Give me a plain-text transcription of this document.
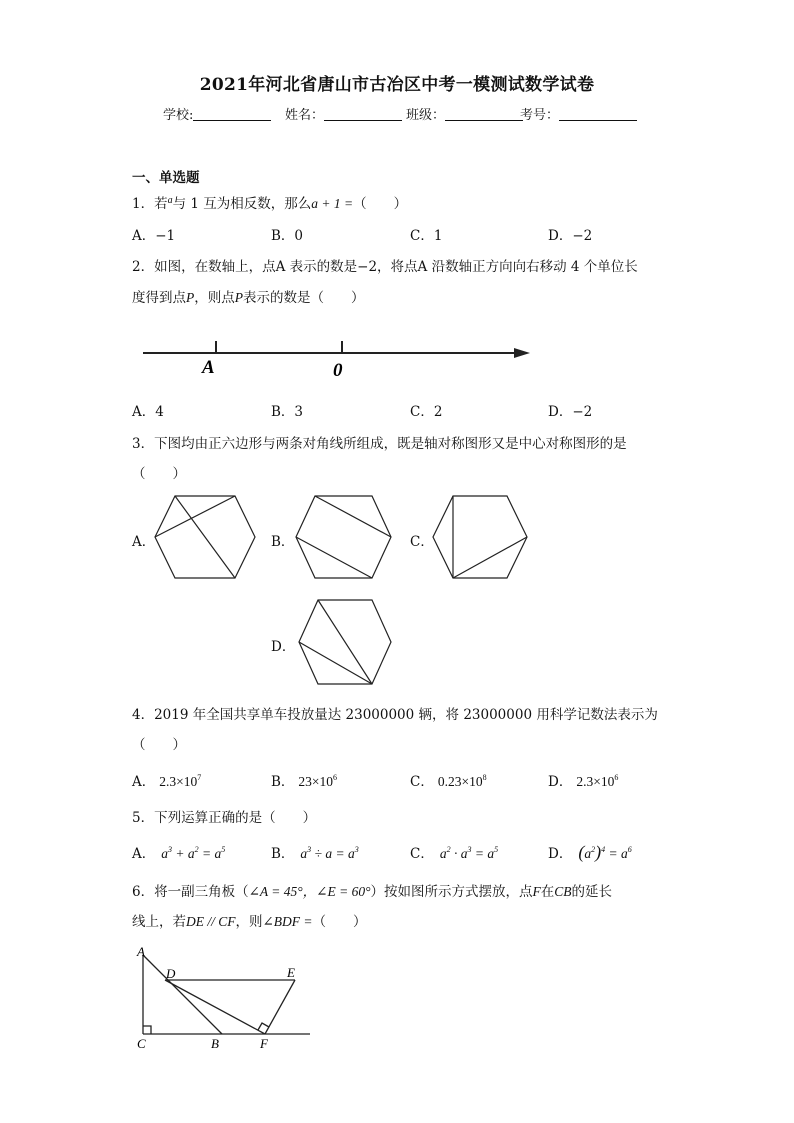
2021年河北省唐山市古冶区中考一模测试数学试卷
学校:	姓名：	班级：	考号：
一、单选题
1．若$^a$与 1 互为相反数，那么a + 1 =（　　）
A．−1	B．0	C．1	D．−2
2．如图，在数轴上，点A 表示的数是−2，将点A 沿数轴正方向向右移动 4 个单位长
度得到点P，则点P表示的数是（　　）
A	0
A．4	B．3	C．2	D．−2
3．下图均由正六边形与两条对角线所组成，既是轴对称图形又是中心对称图形的是
（　　）
A．	B．	C．
D．
4．2019 年全国共享单车投放量达 23000000 辆，将 23000000 用科学记数法表示为
（　　）
A． $2.3\times 10^7$	B． $23\times 10^6$	C． $0.23\times 10^8$	D． $2.3\times 10^6$
5．下列运算正确的是（　　）
A． $a^3 + a^2 = a^5$	B． $a^3 \div a = a^3$	C． $a^2 \cdot a^3 = a^5$	D． $(a^2)^4 = a^6$
6．将一副三角板（∠A = 45°，∠E = 60°）按如图所示方式摆放，点F在CB的延长
线上，若DE // CF，则∠BDF =（　　）
A
C
D	E
B	F
